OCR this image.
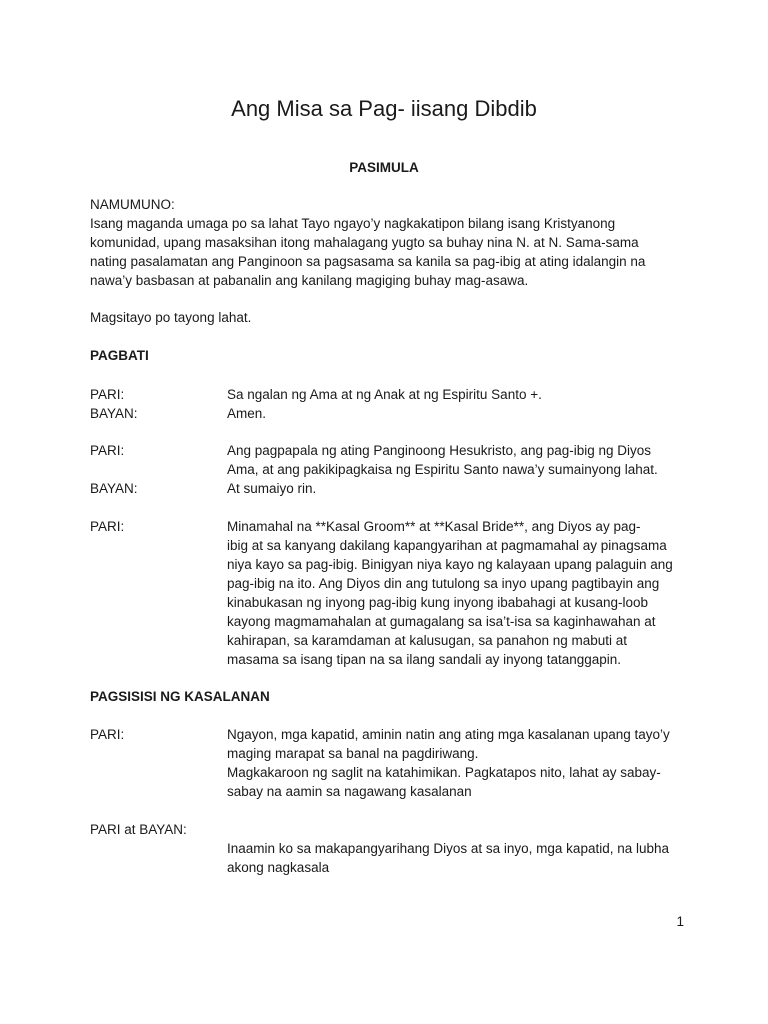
Ang Misa sa Pag- iisang Dibdib

PASIMULA

NAMUMUNO:
Isang maganda umaga po sa lahat Tayo ngayo’y nagkakatipon bilang isang Kristyanong
komunidad, upang masaksihan itong mahalagang yugto sa buhay nina N. at N. Sama-sama
nating pasalamatan ang Panginoon sa pagsasama sa kanila sa pag-ibig at ating idalangin na
nawa’y basbasan at pabanalin ang kanilang magiging buhay mag-asawa.

Magsitayo po tayong lahat.

PAGBATI

PARI:	Sa ngalan ng Ama at ng Anak at ng Espiritu Santo +.
BAYAN:	Amen.
PARI:	Ang pagpapala ng ating Panginoong Hesukristo, ang pag-ibig ng Diyos
Ama, at ang pakikipagkaisa ng Espiritu Santo nawa’y sumainyong lahat.
BAYAN:	At sumaiyo rin.
PARI:	Minamahal na **Kasal Groom** at **Kasal Bride**, ang Diyos ay pag-
ibig at sa kanyang dakilang kapangyarihan at pagmamahal ay pinagsama
niya kayo sa pag-ibig. Binigyan niya kayo ng kalayaan upang palaguin ang
pag-ibig na ito. Ang Diyos din ang tutulong sa inyo upang pagtibayin ang
kinabukasan ng inyong pag-ibig kung inyong ibabahagi at kusang-loob
kayong magmamahalan at gumagalang sa isa’t-isa sa kaginhawahan at
kahirapan, sa karamdaman at kalusugan, sa panahon ng mabuti at
masama sa isang tipan na sa ilang sandali ay inyong tatanggapin.

PAGSISISI NG KASALANAN

PARI:	Ngayon, mga kapatid, aminin natin ang ating mga kasalanan upang tayo’y
maging marapat sa banal na pagdiriwang.
Magkakaroon ng saglit na katahimikan. Pagkatapos nito, lahat ay sabay-
sabay na aamin sa nagawang kasalanan

PARI at BAYAN:

Inaamin ko sa makapangyarihang Diyos at sa inyo, mga kapatid, na lubha
akong nagkasala
1
